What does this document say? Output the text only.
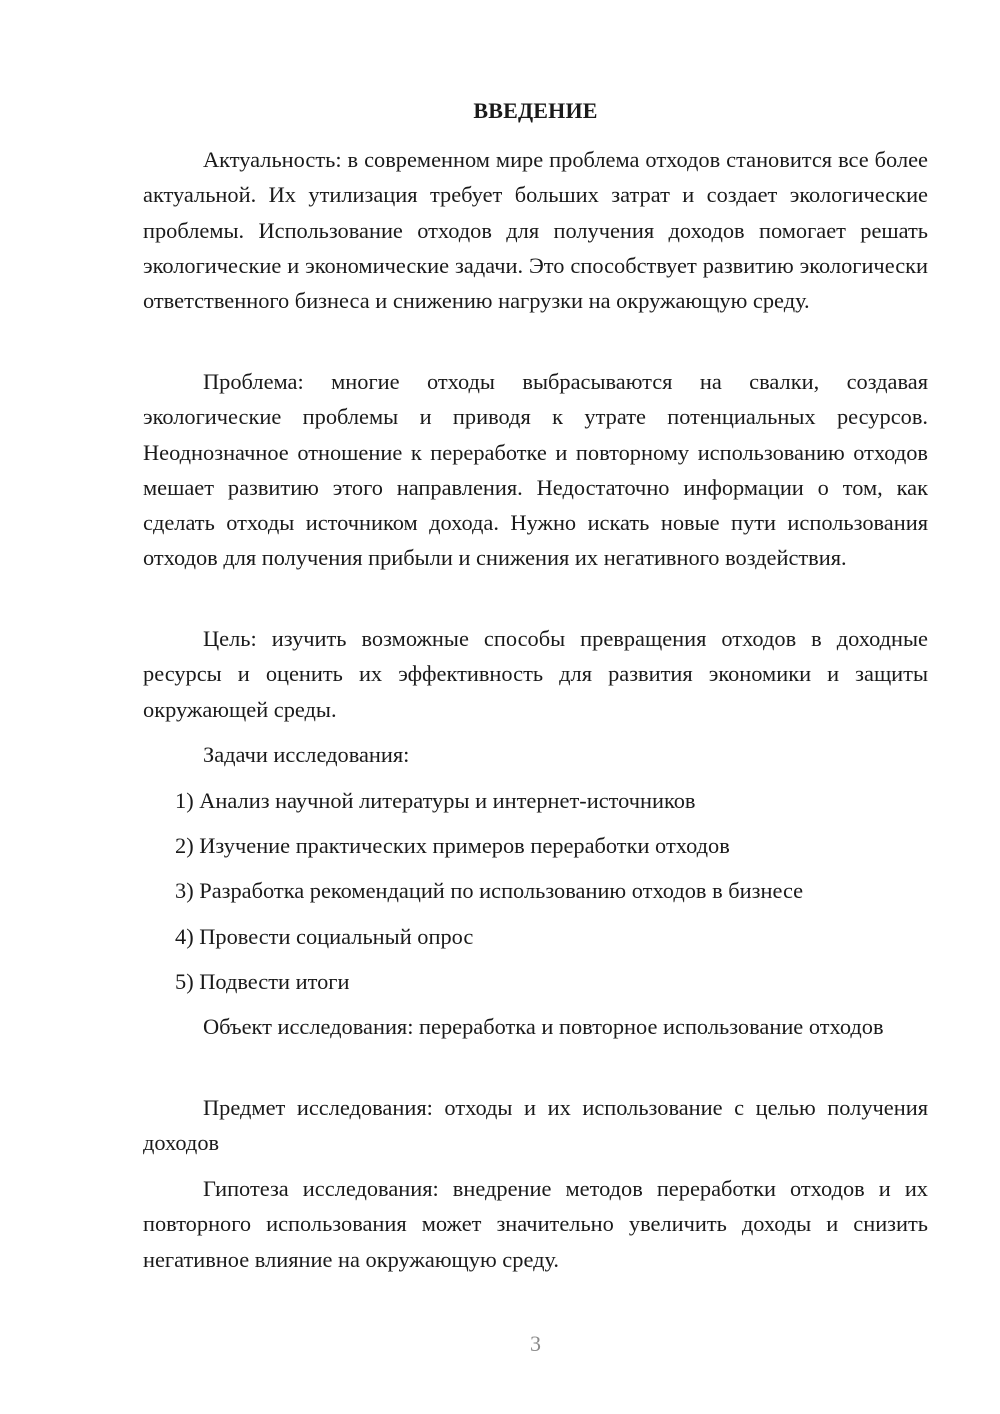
ВВЕДЕНИЕ

Актуальность: в современном мире проблема отходов становится все более актуальной. Их утилизация требует больших затрат и создает экологические проблемы. Использование отходов для получения доходов помогает решать экологические и экономические задачи. Это способствует развитию экологически ответственного бизнеса и снижению нагрузки на окружающую среду.

Проблема: многие отходы выбрасываются на свалки, создавая экологические проблемы и приводя к утрате потенциальных ресурсов. Неоднозначное отношение к переработке и повторному использованию отходов мешает развитию этого направления. Недостаточно информации о том, как сделать отходы источником дохода. Нужно искать новые пути использования отходов для получения прибыли и снижения их негативного воздействия.

Цель: изучить возможные способы превращения отходов в доходные ресурсы и оценить их эффективность для развития экономики и защиты окружающей среды.

Задачи исследования:

1) Анализ научной литературы и интернет-источников

2) Изучение практических примеров переработки отходов

3) Разработка рекомендаций по использованию отходов в бизнесе

4) Провести социальный опрос

5) Подвести итоги

Объект исследования: переработка и повторное использование отходов

Предмет исследования: отходы и их использование с целью получения доходов

Гипотеза исследования: внедрение методов переработки отходов и их повторного использования может значительно увеличить доходы и снизить негативное влияние на окружающую среду.

3
